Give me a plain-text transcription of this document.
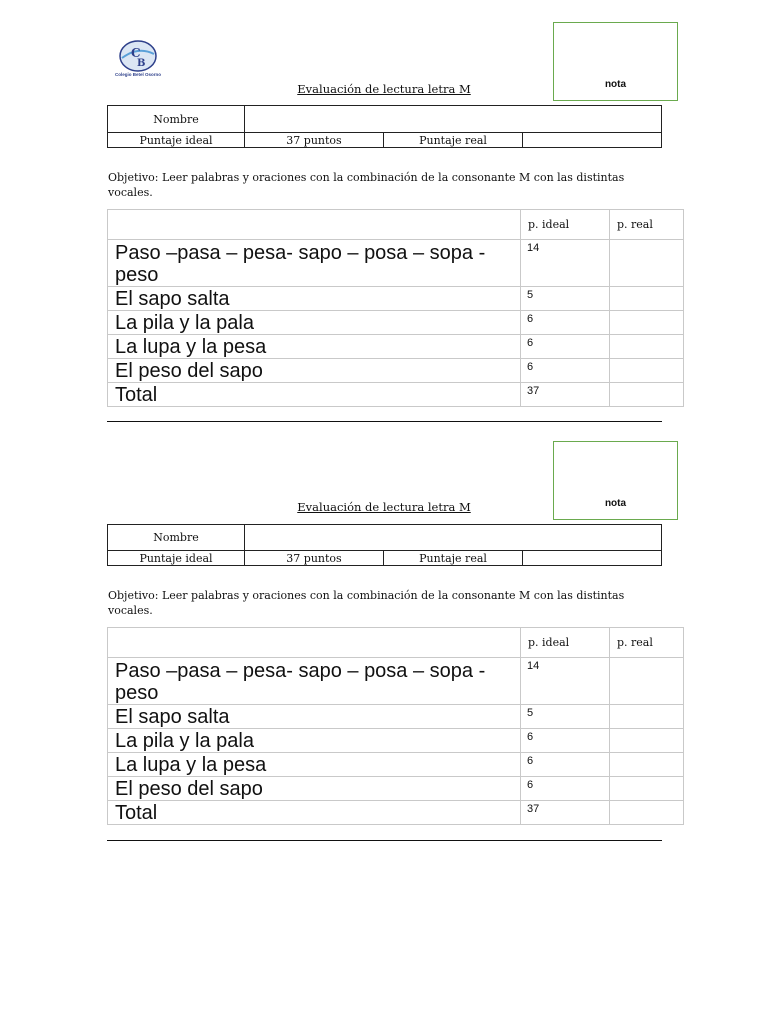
C
B
Colegio Betel Osorno
nota
Evaluación de lectura letra M
Nombre			
Puntaje ideal	37 puntos	Puntaje real	
Objetivo: Leer palabras y oraciones con la combinación de la consonante M con las distintas vocales.
	p. ideal	p. real
Paso –pasa – pesa- sapo – posa – sopa - peso	14	
El sapo salta	5	
La pila y la pala	6	
La lupa y la pesa	6	
El peso del sapo	6	
Total	37	
nota
Evaluación de lectura letra M
Nombre			
Puntaje ideal	37 puntos	Puntaje real	
Objetivo: Leer palabras y oraciones con la combinación de la consonante M con las distintas vocales.
	p. ideal	p. real
Paso –pasa – pesa- sapo – posa – sopa - peso	14	
El sapo salta	5	
La pila y la pala	6	
La lupa y la pesa	6	
El peso del sapo	6	
Total	37	
